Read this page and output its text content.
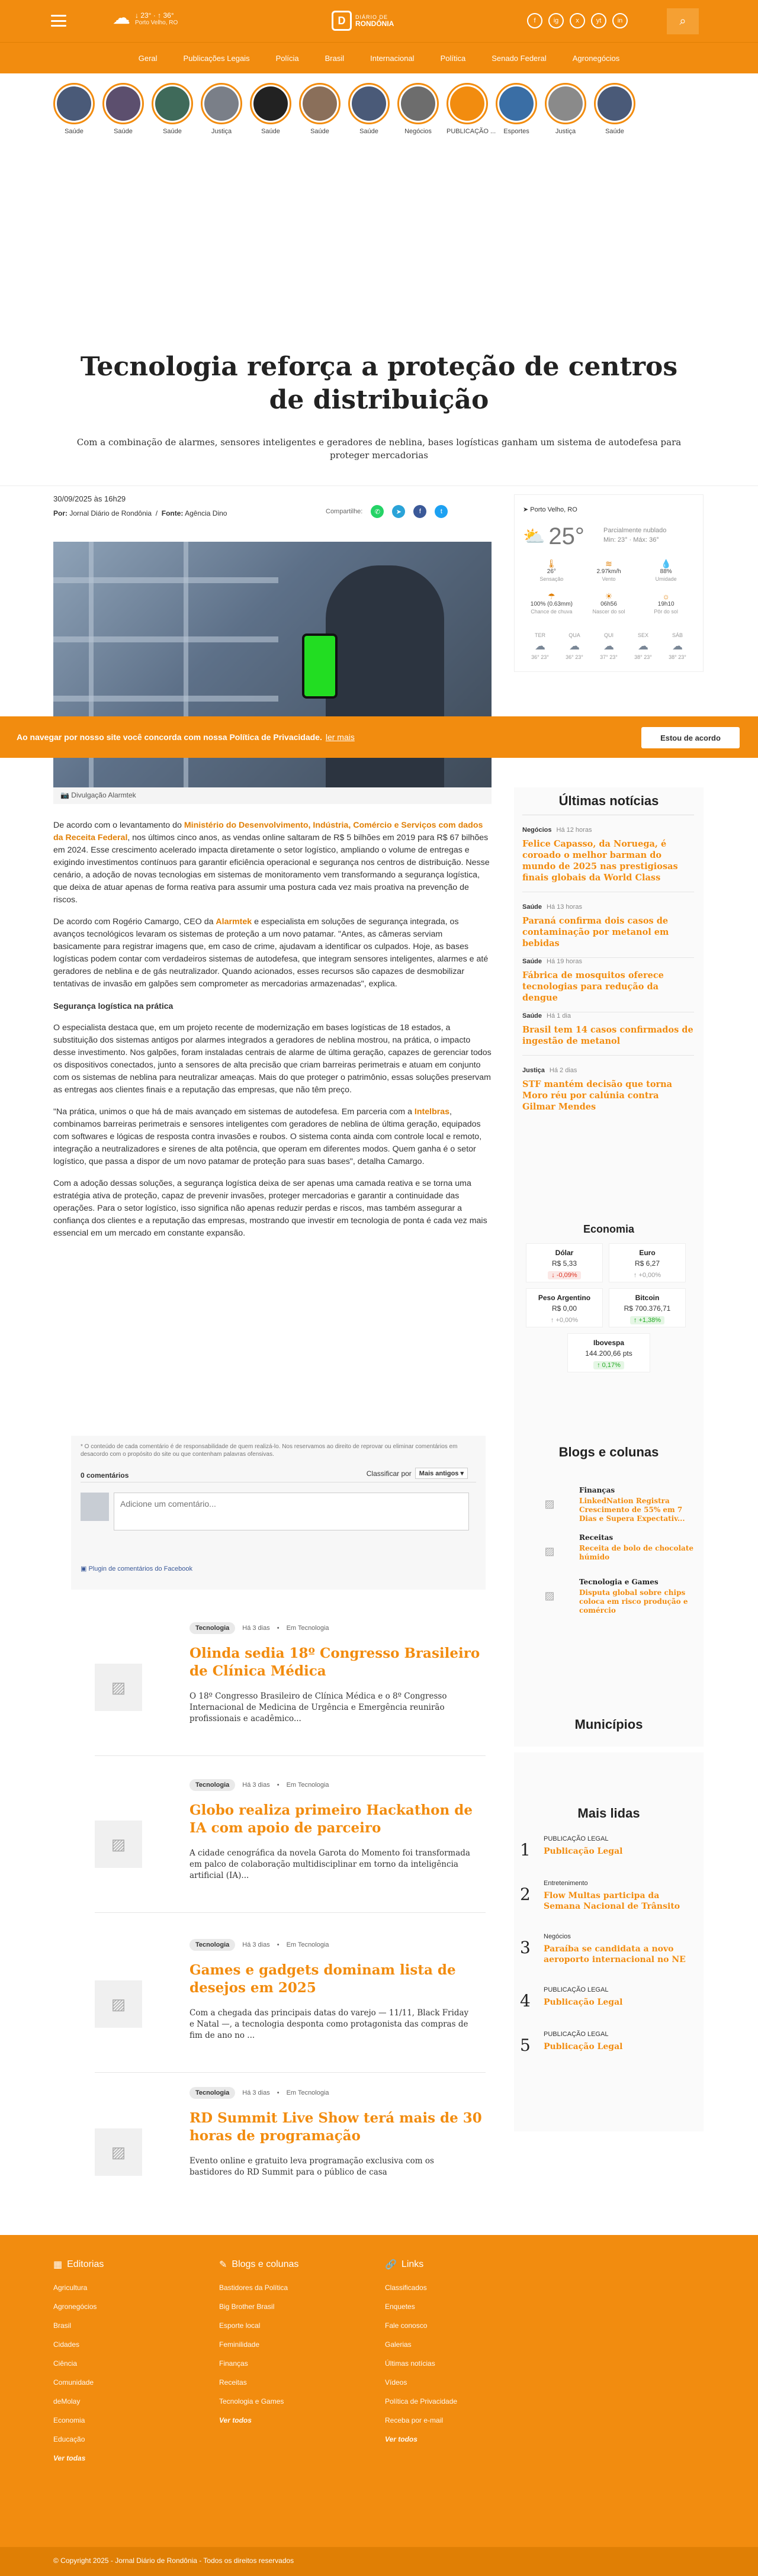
☁ ↓ 23° · ↑ 36°
Porto Velho, RO	D	DIÁRIO DE
RONDÔNIA	f	ig	x	yt	in	⌕
Geral	Publicações Legais	Polícia	Brasil	Internacional	Política	Senado Federal	Agronegócios
Saúde	Saúde	Saúde	Justiça	Saúde	Saúde	Saúde	Negócios	PUBLICAÇÃO ...	Esportes	Justiça	Saúde
Tecnologia reforça a proteção de centros de distribuição

Com a combinação de alarmes, sensores inteligentes e geradores de neblina, bases logísticas ganham um sistema de autodefesa para proteger mercadorias

30/09/2025 às 16h29
Por: Jornal Diário de Rondônia  /  Fonte: Agência Dino	Compartilhe:	✆	➤	f	t
📷 Divulgação Alarmtek

De acordo com o levantamento do Ministério do Desenvolvimento, Indústria, Comércio e Serviços com dados da Receita Federal, nos últimos cinco anos, as vendas online saltaram de R$ 5 bilhões em 2019 para R$ 67 bilhões em 2024. Esse crescimento acelerado impacta diretamente o setor logístico, ampliando o volume de entregas e exigindo investimentos contínuos para garantir eficiência operacional e segurança nos centros de distribuição. Nesse cenário, a adoção de novas tecnologias em sistemas de monitoramento vem transformando a segurança logística, que deixa de atuar apenas de forma reativa para assumir uma postura cada vez mais proativa na prevenção de riscos.

De acordo com Rogério Camargo, CEO da Alarmtek e especialista em soluções de segurança integrada, os avanços tecnológicos levaram os sistemas de proteção a um novo patamar. "Antes, as câmeras serviam basicamente para registrar imagens que, em caso de crime, ajudavam a identificar os culpados. Hoje, as bases logísticas podem contar com verdadeiros sistemas de autodefesa, que integram sensores inteligentes, alarmes e até geradores de neblina e de gás neutralizador. Quando acionados, esses recursos são capazes de desmobilizar tentativas de invasão em galpões sem comprometer as mercadorias armazenadas", explica.

Segurança logística na prática

O especialista destaca que, em um projeto recente de modernização em bases logísticas de 18 estados, a substituição dos sistemas antigos por alarmes integrados a geradores de neblina mostrou, na prática, o impacto desse investimento. Nos galpões, foram instaladas centrais de alarme de última geração, capazes de gerenciar todos os dispositivos conectados, junto a sensores de alta precisão que criam barreiras perimetrais e atuam em conjunto com os sistemas de neblina para neutralizar ameaças. Mais do que proteger o patrimônio, essas soluções preservam as entregas aos clientes finais e a reputação das empresas, que não têm preço.

"Na prática, unimos o que há de mais avançado em sistemas de autodefesa. Em parceria com a Intelbras, combinamos barreiras perimetrais e sensores inteligentes com geradores de neblina de última geração, equipados com softwares e lógicas de resposta contra invasões e roubos. O sistema conta ainda com controle local e remoto, integração a neutralizadores e sirenes de alta potência, que operam em diferentes modos. Quem ganha é o setor logístico, que passa a dispor de um novo patamar de proteção para suas bases", detalha Camargo.

Com a adoção dessas soluções, a segurança logística deixa de ser apenas uma camada reativa e se torna uma estratégia ativa de proteção, capaz de prevenir invasões, proteger mercadorias e garantir a continuidade das operações. Para o setor logístico, isso significa não apenas reduzir perdas e riscos, mas também assegurar a confiança dos clientes e a reputação das empresas, mostrando que investir em tecnologia de ponta é cada vez mais essencial em um mercado em constante expansão.

* O conteúdo de cada comentário é de responsabilidade de quem realizá-lo. Nos reservamos ao direito de reprovar ou eliminar comentários em desacordo com o propósito do site ou que contenham palavras ofensivas.
0 comentários	Classificar por	Mais antigos ▾
Adicione um comentário...
▣ Plugin de comentários do Facebook
▨
Tecnologia	Há 3 dias • Em Tecnologia
Olinda sedia 18º Congresso Brasileiro de Clínica Médica
O 18º Congresso Brasileiro de Clínica Médica e o 8º Congresso Internacional de Medicina de Urgência e Emergência reunirão profissionais e acadêmico...
▨
Tecnologia	Há 3 dias • Em Tecnologia
Globo realiza primeiro Hackathon de IA com apoio de parceiro
A cidade cenográfica da novela Garota do Momento foi transformada em palco de colaboração multidisciplinar em torno da inteligência artificial (IA)...
▨
Tecnologia	Há 3 dias • Em Tecnologia
Games e gadgets dominam lista de desejos em 2025
Com a chegada das principais datas do varejo — 11/11, Black Friday e Natal —, a tecnologia desponta como protagonista das compras de fim de ano no ...
▨
Tecnologia	Há 3 dias • Em Tecnologia
RD Summit Live Show terá mais de 30 horas de programação
Evento online e gratuito leva programação exclusiva com os bastidores do RD Summit para o público de casa
➤ Porto Velho, RO
⛅ 25°	Parcialmente nublado
Min: 23° · Máx: 36°
🌡
26°
Sensação
≋
2.97km/h
Vento
💧
88%
Umidade
☂
100% (0.63mm)
Chance de chuva
☀
06h56
Nascer do sol
☼
19h10
Pôr do sol
TER
☁
36° 23°
QUA
☁
36° 23°
QUI
☁
37° 23°
SEX
☁
38° 23°
SÁB
☁
38° 23°
Ao navegar por nosso site você concorda com nossa Política de Privacidade. ler mais	Estou de acordo
Últimas notícias
Negócios Há 12 horas
Felice Capasso, da Noruega, é coroado o melhor barman do mundo de 2025 nas prestigiosas finais globais da World Class
Saúde Há 13 horas
Paraná confirma dois casos de contaminação por metanol em bebidas
Saúde Há 19 horas
Fábrica de mosquitos oferece tecnologias para redução da dengue
Saúde Há 1 dia
Brasil tem 14 casos confirmados de ingestão de metanol
Justiça Há 2 dias
STF mantém decisão que torna Moro réu por calúnia contra Gilmar Mendes
Economia
Dólar
R$ 5,33
↓ -0,09%
Euro
R$ 6,27
↑ +0,00%
Peso Argentino
R$ 0,00
↑ +0,00%
Bitcoin
R$ 700.376,71
↑ +1,38%
Ibovespa
144.200,66 pts
↑ 0,17%
Blogs e colunas
▨
Finanças
LinkedNation Registra Crescimento de 55% em 7 Dias e Supera Expectativ...
▨
Receitas
Receita de bolo de chocolate húmido
▨
Tecnologia e Games
Disputa global sobre chips coloca em risco produção e comércio
Municípios
Mais lidas
1
PUBLICAÇÃO LEGAL
Publicação Legal
2
Entretenimento
Flow Multas participa da Semana Nacional de Trânsito
3
Negócios
Paraíba se candidata a novo aeroporto internacional no NE
4
PUBLICAÇÃO LEGAL
Publicação Legal
5
PUBLICAÇÃO LEGAL
Publicação Legal
▦ Editorias
Agricultura
Agronegócios
Brasil
Cidades
Ciência
Comunidade
deMolay
Economia
Educação
Ver todas
✎ Blogs e colunas
Bastidores da Política
Big Brother Brasil
Esporte local
Feminilidade
Finanças
Receitas
Tecnologia e Games
Ver todos
🔗 Links
Classificados
Enquetes
Fale conosco
Galerias
Últimas notícias
Vídeos
Política de Privacidade
Receba por e-mail
Ver todos
© Copyright 2025 - Jornal Diário de Rondônia - Todos os direitos reservados
